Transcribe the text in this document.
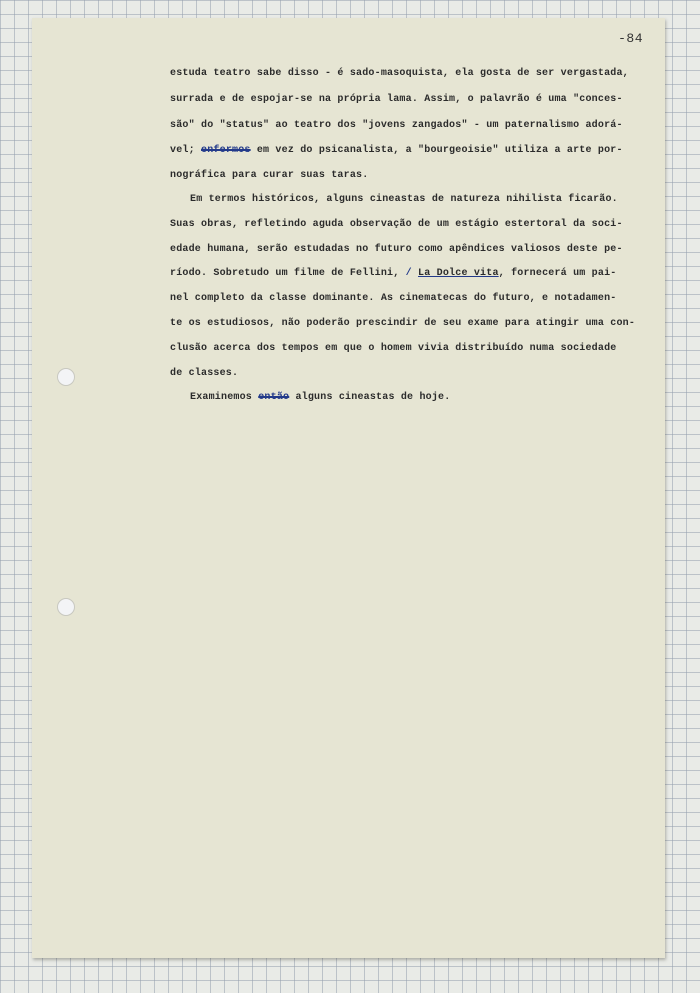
-84
estuda teatro sabe disso - é sado-masoquista, ela gosta de ser vergastada,
surrada e de espojar-se na própria lama. Assim, o palavrão é uma "conces-
são" do "status" ao teatro dos "jovens zangados" - um paternalismo adorá-
vel; enfermos em vez do psicanalista, a "bourgeoisie" utiliza a arte por-
nográfica para curar suas taras.
Em termos históricos, alguns cineastas de natureza nihilista ficarão.
Suas obras, refletindo aguda observação de um estágio estertoral da soci-
edade humana, serão estudadas no futuro como apêndices valiosos deste pe-
ríodo. Sobretudo um filme de Fellini, / La Dolce vita, fornecerá um pai-
nel completo da classe dominante. As cinematecas do futuro, e notadamen-
te os estudiosos, não poderão prescindir de seu exame para atingir uma con-
clusão acerca dos tempos em que o homem vivia distribuído numa sociedade
de classes.
Examinemos então alguns cineastas de hoje.
